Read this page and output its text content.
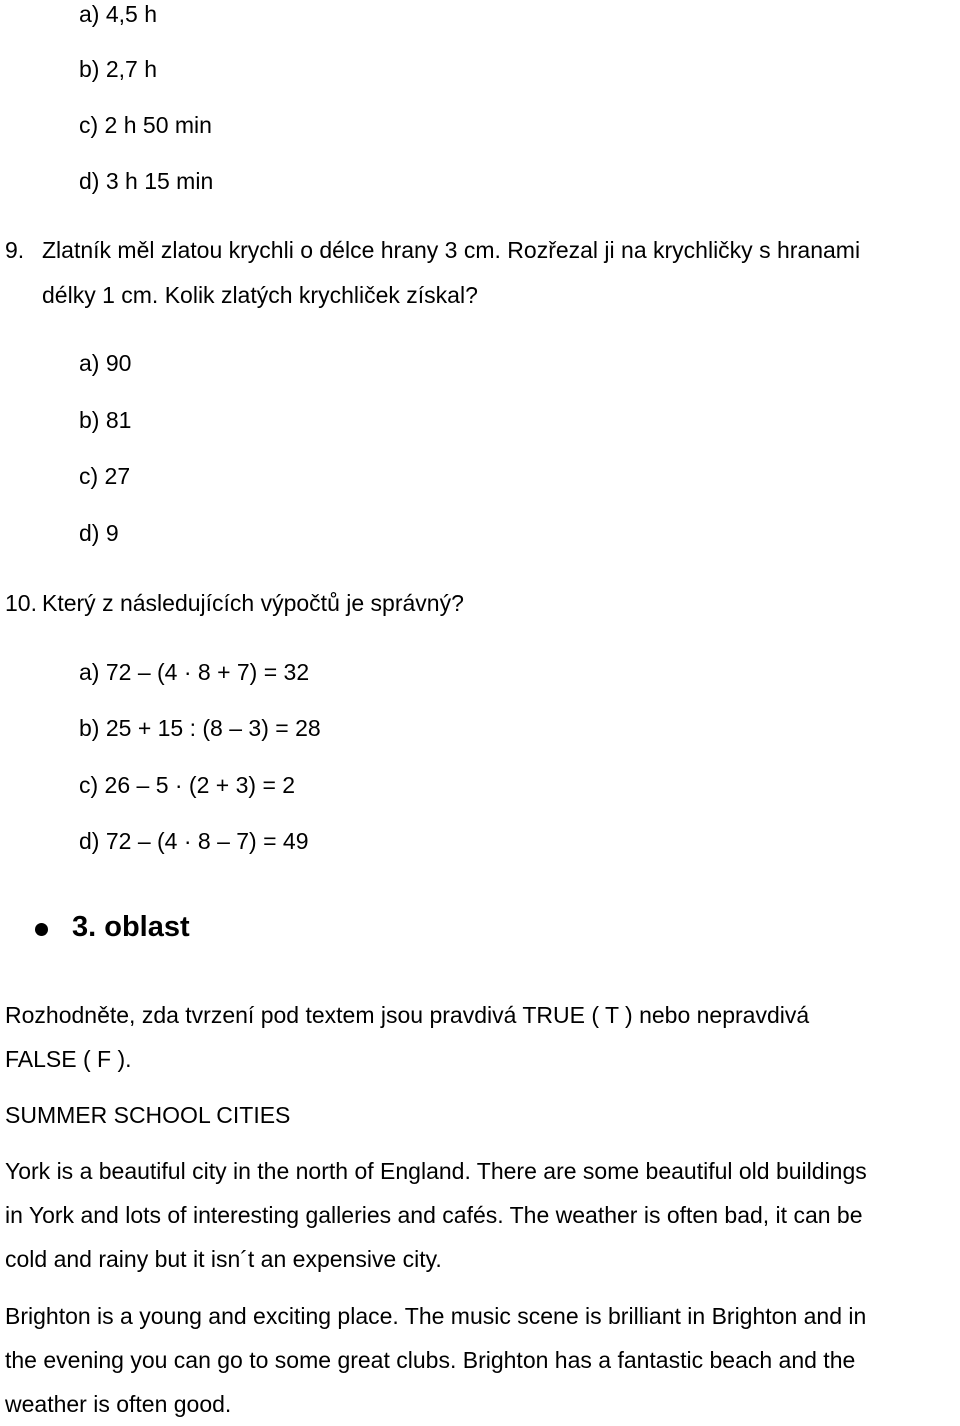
a) 4,5 h
b) 2,7 h
c) 2 h 50 min
d) 3 h 15 min
9. Zlatník měl zlatou krychli o délce hrany 3 cm. Rozřezal ji na krychličky s hranami
délky 1 cm. Kolik zlatých krychliček získal?
a) 90
b) 81
c) 27
d) 9
10. Který z následujících výpočtů je správný?
a) 72 – (4 · 8 + 7) = 32
b) 25 + 15 : (8 – 3) = 28
c) 26 – 5 · (2 + 3) = 2
d) 72 – (4 · 8 – 7) = 49
3. oblast
Rozhodněte, zda tvrzení pod textem jsou pravdivá TRUE ( T ) nebo nepravdivá
FALSE ( F ).
SUMMER SCHOOL CITIES
York is a beautiful city in the north of England. There are some beautiful old buildings
in York and lots of interesting galleries and cafés. The weather is often bad, it can be
cold and rainy but it isn´t an expensive city.
Brighton is a young and exciting place. The music scene is brilliant in Brighton and in
the evening you can go to some great clubs. Brighton has a fantastic beach and the
weather is often good.
